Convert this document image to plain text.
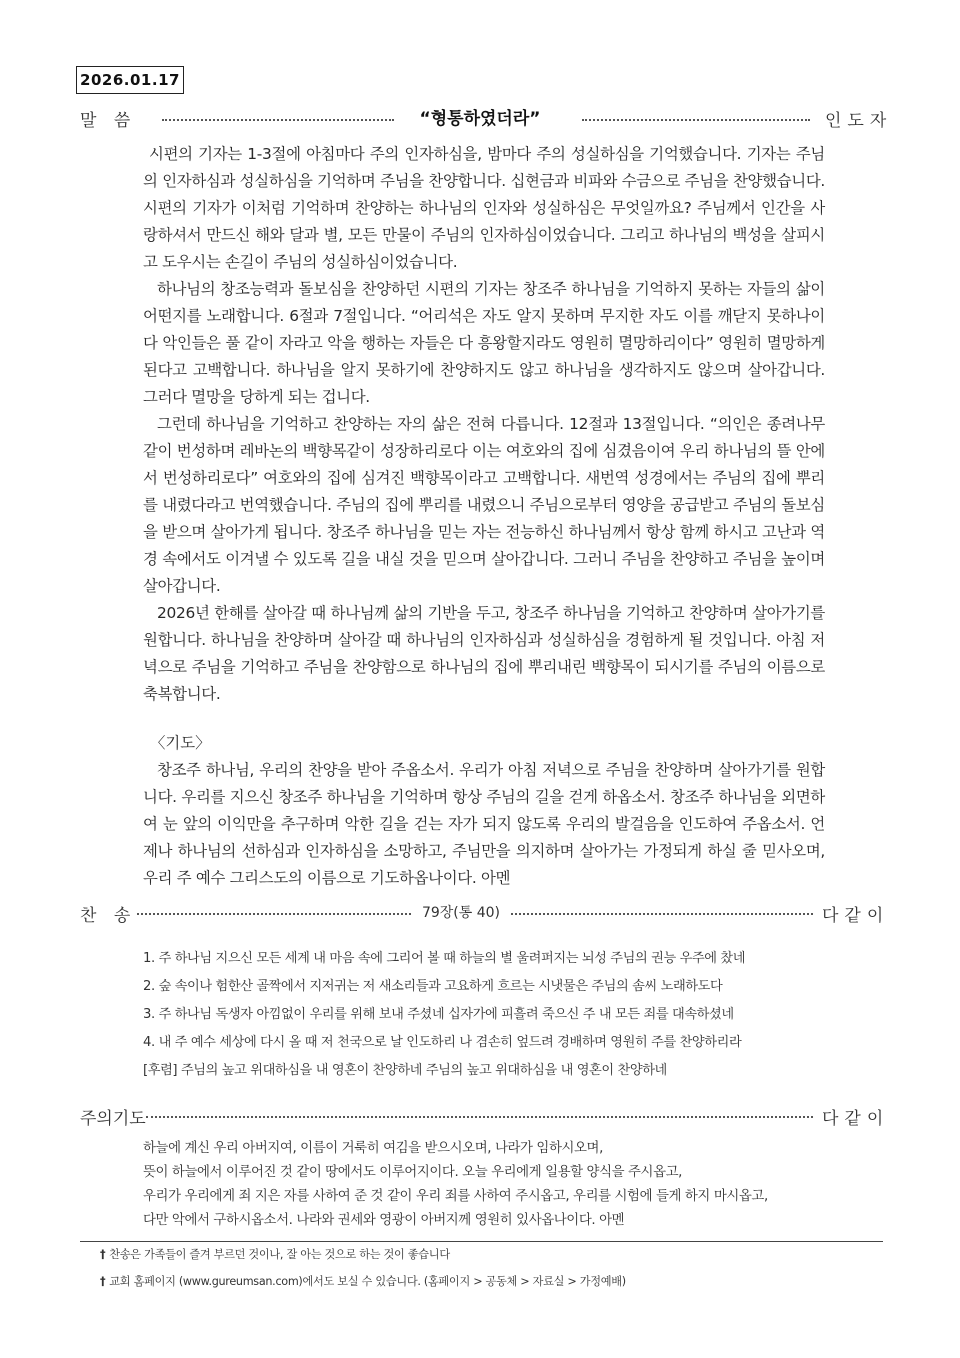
2026.01.17
말 씀	“형통하였더라”	인도자

시편의 기자는 1-3절에 아침마다 주의 인자하심을, 밤마다 주의 성실하심을 기억했습니다. 기자는 주님의 인자하심과 성실하심을 기억하며 주님을 찬양합니다. 십현금과 비파와 수금으로 주님을 찬양했습니다. 시편의 기자가 이처럼 기억하며 찬양하는 하나님의 인자와 성실하심은 무엇일까요? 주님께서 인간을 사랑하셔서 만드신 해와 달과 별, 모든 만물이 주님의 인자하심이었습니다. 그리고 하나님의 백성을 살피시고 도우시는 손길이 주님의 성실하심이었습니다.

하나님의 창조능력과 돌보심을 찬양하던 시편의 기자는 창조주 하나님을 기억하지 못하는 자들의 삶이 어떤지를 노래합니다. 6절과 7절입니다. “어리석은 자도 알지 못하며 무지한 자도 이를 깨닫지 못하나이다 악인들은 풀 같이 자라고 악을 행하는 자들은 다 흥왕할지라도 영원히 멸망하리이다” 영원히 멸망하게 된다고 고백합니다. 하나님을 알지 못하기에 찬양하지도 않고 하나님을 생각하지도 않으며 살아갑니다. 그러다 멸망을 당하게 되는 겁니다.

그런데 하나님을 기억하고 찬양하는 자의 삶은 전혀 다릅니다. 12절과 13절입니다. “의인은 종려나무 같이 번성하며 레바논의 백향목같이 성장하리로다 이는 여호와의 집에 심겼음이여 우리 하나님의 뜰 안에서 번성하리로다” 여호와의 집에 심겨진 백향목이라고 고백합니다. 새번역 성경에서는 주님의 집에 뿌리를 내렸다라고 번역했습니다. 주님의 집에 뿌리를 내렸으니 주님으로부터 영양을 공급받고 주님의 돌보심을 받으며 살아가게 됩니다. 창조주 하나님을 믿는 자는 전능하신 하나님께서 항상 함께 하시고 고난과 역경 속에서도 이겨낼 수 있도록 길을 내실 것을 믿으며 살아갑니다. 그러니 주님을 찬양하고 주님을 높이며 살아갑니다.

2026년 한해를 살아갈 때 하나님께 삶의 기반을 두고, 창조주 하나님을 기억하고 찬양하며 살아가기를 원합니다. 하나님을 찬양하며 살아갈 때 하나님의 인자하심과 성실하심을 경험하게 될 것입니다. 아침 저녁으로 주님을 기억하고 주님을 찬양함으로 하나님의 집에 뿌리내린 백향목이 되시기를 주님의 이름으로 축복합니다.

〈기도〉

창조주 하나님, 우리의 찬양을 받아 주옵소서. 우리가 아침 저녁으로 주님을 찬양하며 살아가기를 원합니다. 우리를 지으신 창조주 하나님을 기억하며 항상 주님의 길을 걷게 하옵소서. 창조주 하나님을 외면하여 눈 앞의 이익만을 추구하며 악한 길을 걷는 자가 되지 않도록 우리의 발걸음을 인도하여 주옵소서. 언제나 하나님의 선하심과 인자하심을 소망하고, 주님만을 의지하며 살아가는 가정되게 하실 줄 믿사오며, 우리 주 예수 그리스도의 이름으로 기도하옵나이다. 아멘

찬 송	79장(통 40)	다같이
1. 주 하나님 지으신 모든 세계 내 마음 속에 그리어 볼 때 하늘의 별 울려퍼지는 뇌성 주님의 권능 우주에 찼네
2. 숲 속이나 험한산 골짝에서 지저귀는 저 새소리들과 고요하게 흐르는 시냇물은 주님의 솜씨 노래하도다
3. 주 하나님 독생자 아낌없이 우리를 위해 보내 주셨네 십자가에 피흘려 죽으신 주 내 모든 죄를 대속하셨네
4. 내 주 예수 세상에 다시 올 때 저 천국으로 날 인도하리 나 겸손히 엎드려 경배하며 영원히 주를 찬양하리라
[후렴] 주님의 높고 위대하심을 내 영혼이 찬양하네 주님의 높고 위대하심을 내 영혼이 찬양하네
주의기도	다같이
하늘에 계신 우리 아버지여, 이름이 거룩히 여김을 받으시오며, 나라가 임하시오며,
뜻이 하늘에서 이루어진 것 같이 땅에서도 이루어지이다. 오늘 우리에게 일용할 양식을 주시옵고,
우리가 우리에게 죄 지은 자를 사하여 준 것 같이 우리 죄를 사하여 주시옵고, 우리를 시험에 들게 하지 마시옵고,
다만 악에서 구하시옵소서. 나라와 권세와 영광이 아버지께 영원히 있사옵나이다. 아멘
† 찬송은 가족들이 즐겨 부르던 것이나, 잘 아는 것으로 하는 것이 좋습니다
† 교회 홈페이지 (www.gureumsan.com)에서도 보실 수 있습니다. (홈페이지 > 공동체 > 자료실 > 가정예배)
